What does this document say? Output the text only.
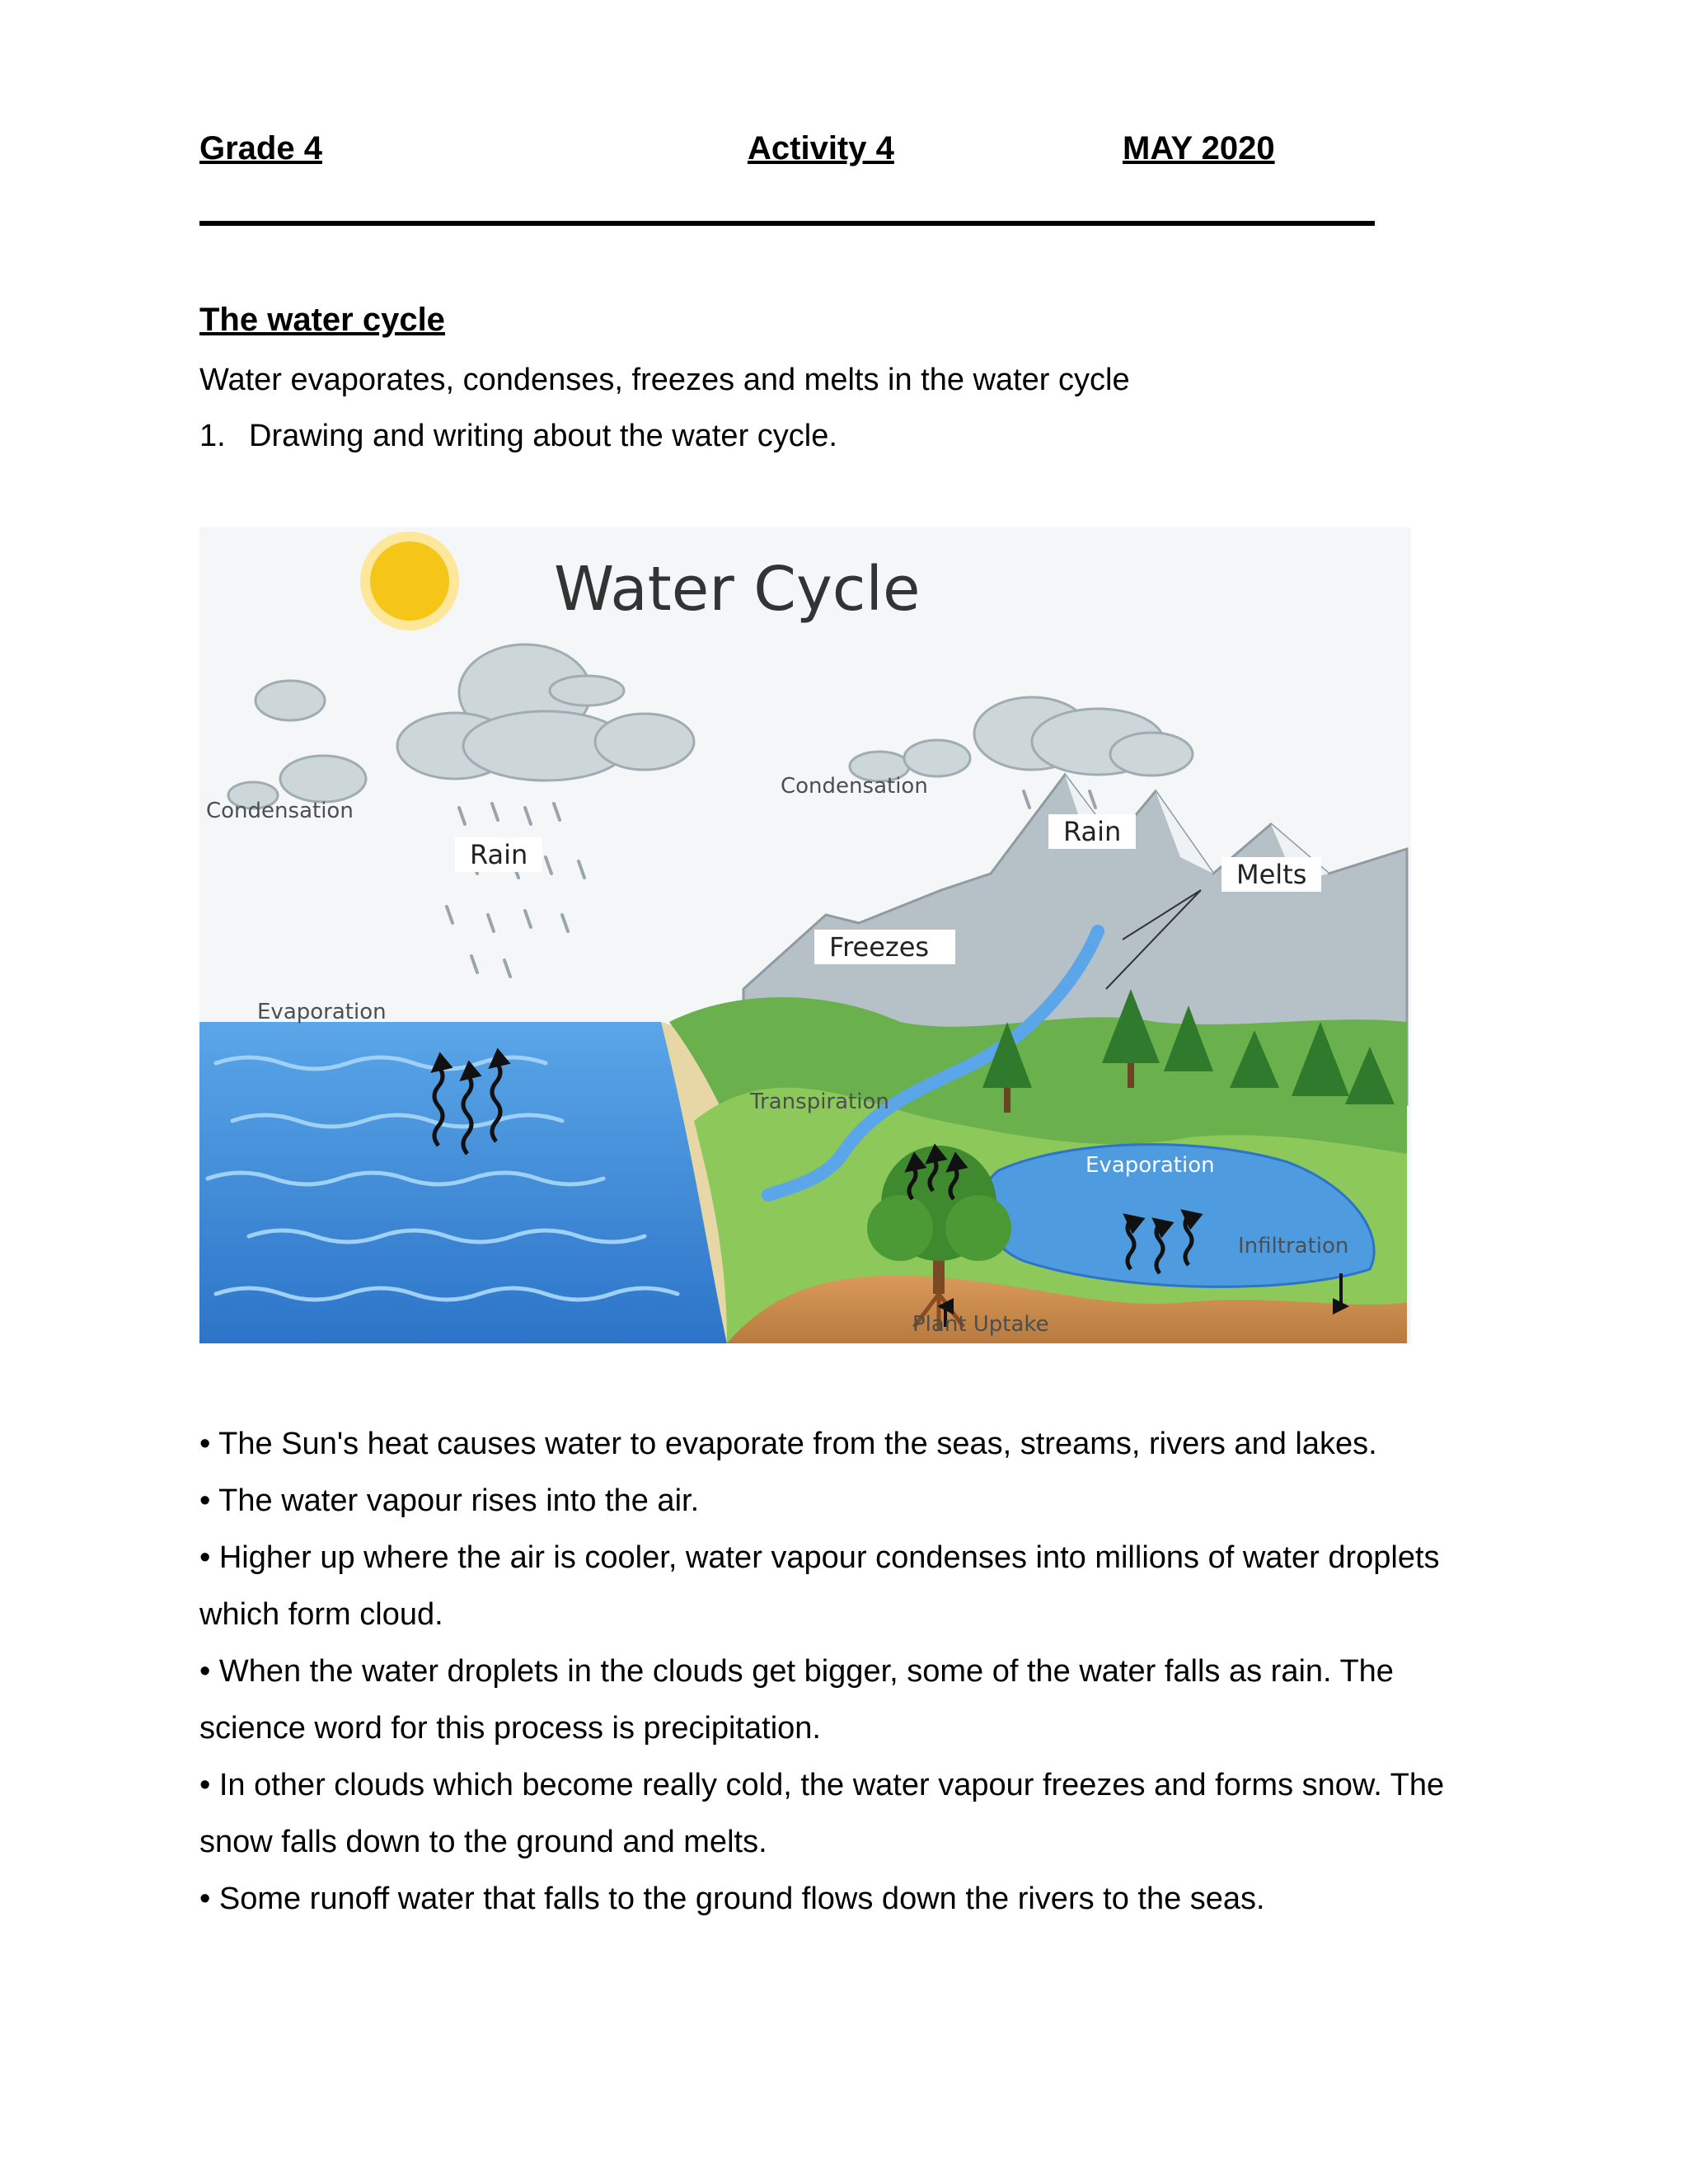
Grade 4	Activity 4	MAY 2020
The water cycle
Water evaporates, condenses, freezes and melts in the water cycle
1. Drawing and writing about the water cycle.
Water Cycle
Condensation
Condensation
Evaporation
Evaporation
Transpiration
Infiltration
Plant Uptake
Rain
Rain
Melts
Freezes

• The Sun's heat causes water to evaporate from the seas, streams, rivers and lakes.

• The water vapour rises into the air.

• Higher up where the air is cooler, water vapour condenses into millions of water droplets which form cloud.

• When the water droplets in the clouds get bigger, some of the water falls as rain. The science word for this process is precipitation.

• In other clouds which become really cold, the water vapour freezes and forms snow. The snow falls down to the ground and melts.

• Some runoff water that falls to the ground flows down the rivers to the seas.
